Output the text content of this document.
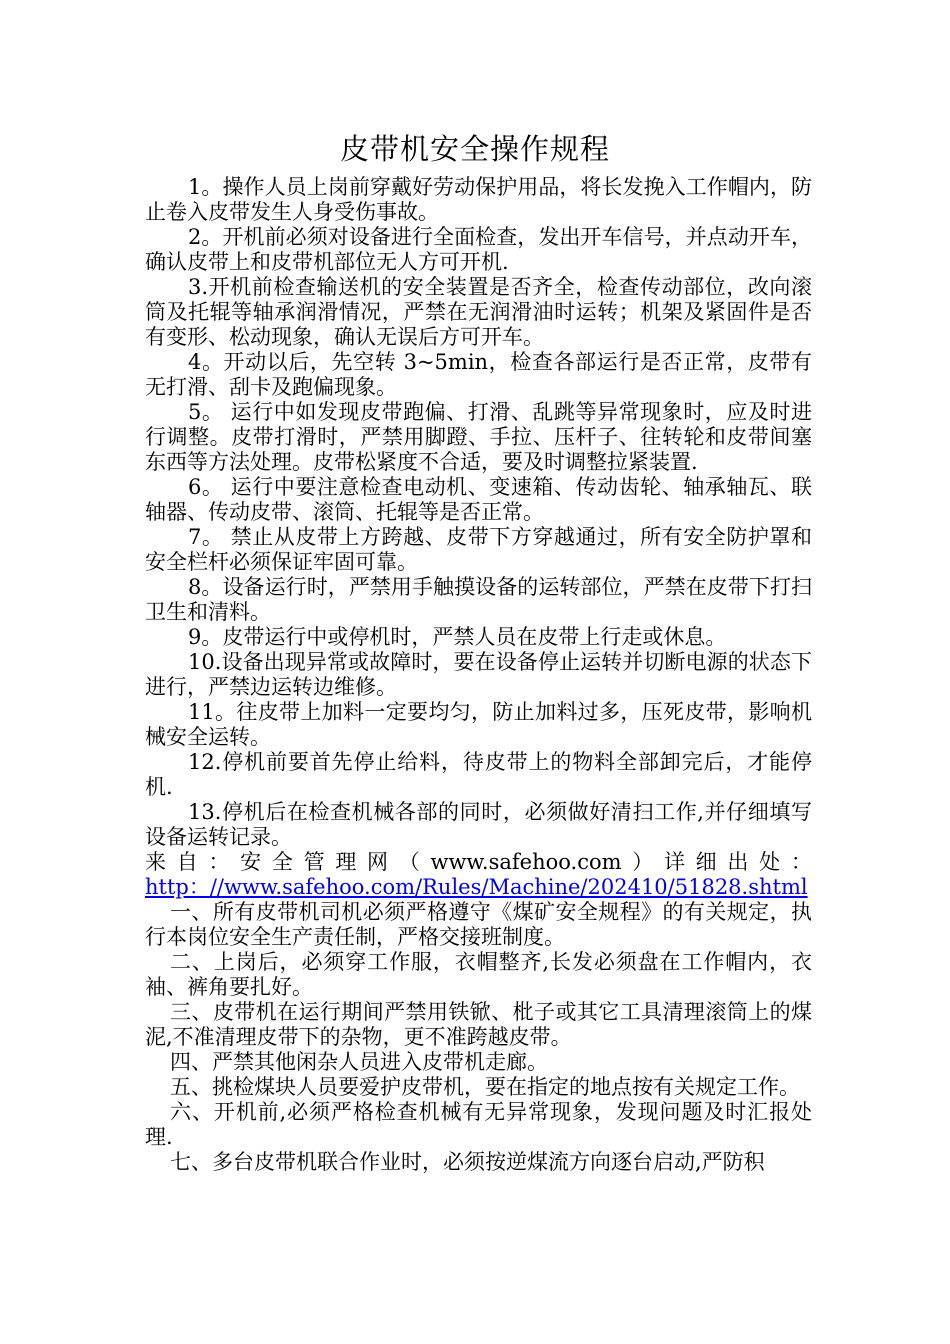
皮带机安全操作规程

1。操作人员上岗前穿戴好劳动保护用品，将长发挽入工作帽内，防止卷入皮带发生人身受伤事故。

2。开机前必须对设备进行全面检查，发出开车信号，并点动开车，确认皮带上和皮带机部位无人方可开机.

3.开机前检查输送机的安全装置是否齐全，检查传动部位，改向滚筒及托辊等轴承润滑情况，严禁在无润滑油时运转；机架及紧固件是否有变形、松动现象，确认无误后方可开车。

4。开动以后，先空转 3~5min，检查各部运行是否正常，皮带有无打滑、刮卡及跑偏现象。

5。 运行中如发现皮带跑偏、打滑、乱跳等异常现象时，应及时进行调整。皮带打滑时，严禁用脚蹬、手拉、压杆子、往转轮和皮带间塞东西等方法处理。皮带松紧度不合适，要及时调整拉紧装置.

6。 运行中要注意检查电动机、变速箱、传动齿轮、轴承轴瓦、联轴器、传动皮带、滚筒、托辊等是否正常。

7。 禁止从皮带上方跨越、皮带下方穿越通过，所有安全防护罩和安全栏杆必须保证牢固可靠。

8。设备运行时，严禁用手触摸设备的运转部位，严禁在皮带下打扫卫生和清料。

9。皮带运行中或停机时，严禁人员在皮带上行走或休息。

10.设备出现异常或故障时，要在设备停止运转并切断电源的状态下进行，严禁边运转边维修。

11。往皮带上加料一定要均匀，防止加料过多，压死皮带，影响机械安全运转。

12.停机前要首先停止给料，待皮带上的物料全部卸完后，才能停机.

13.停机后在检查机械各部的同时，必须做好清扫工作,并仔细填写设备运转记录。

来 自 ： 安 全 管 理 网 （ www.safehoo.com ） 详 细 出 处 ：

http：//www.safehoo.com/Rules/Machine/202410/51828.shtml

一、所有皮带机司机必须严格遵守《煤矿安全规程》的有关规定，执行本岗位安全生产责任制，严格交接班制度。

二、上岗后，必须穿工作服，衣帽整齐,长发必须盘在工作帽内，衣袖、裤角要扎好。

三、皮带机在运行期间严禁用铁锨、枇子或其它工具清理滚筒上的煤泥,不准清理皮带下的杂物，更不准跨越皮带。

四、严禁其他闲杂人员进入皮带机走廊。

五、挑检煤块人员要爱护皮带机，要在指定的地点按有关规定工作。

六、开机前,必须严格检查机械有无异常现象，发现问题及时汇报处理.

七、多台皮带机联合作业时，必须按逆煤流方向逐台启动,严防积
